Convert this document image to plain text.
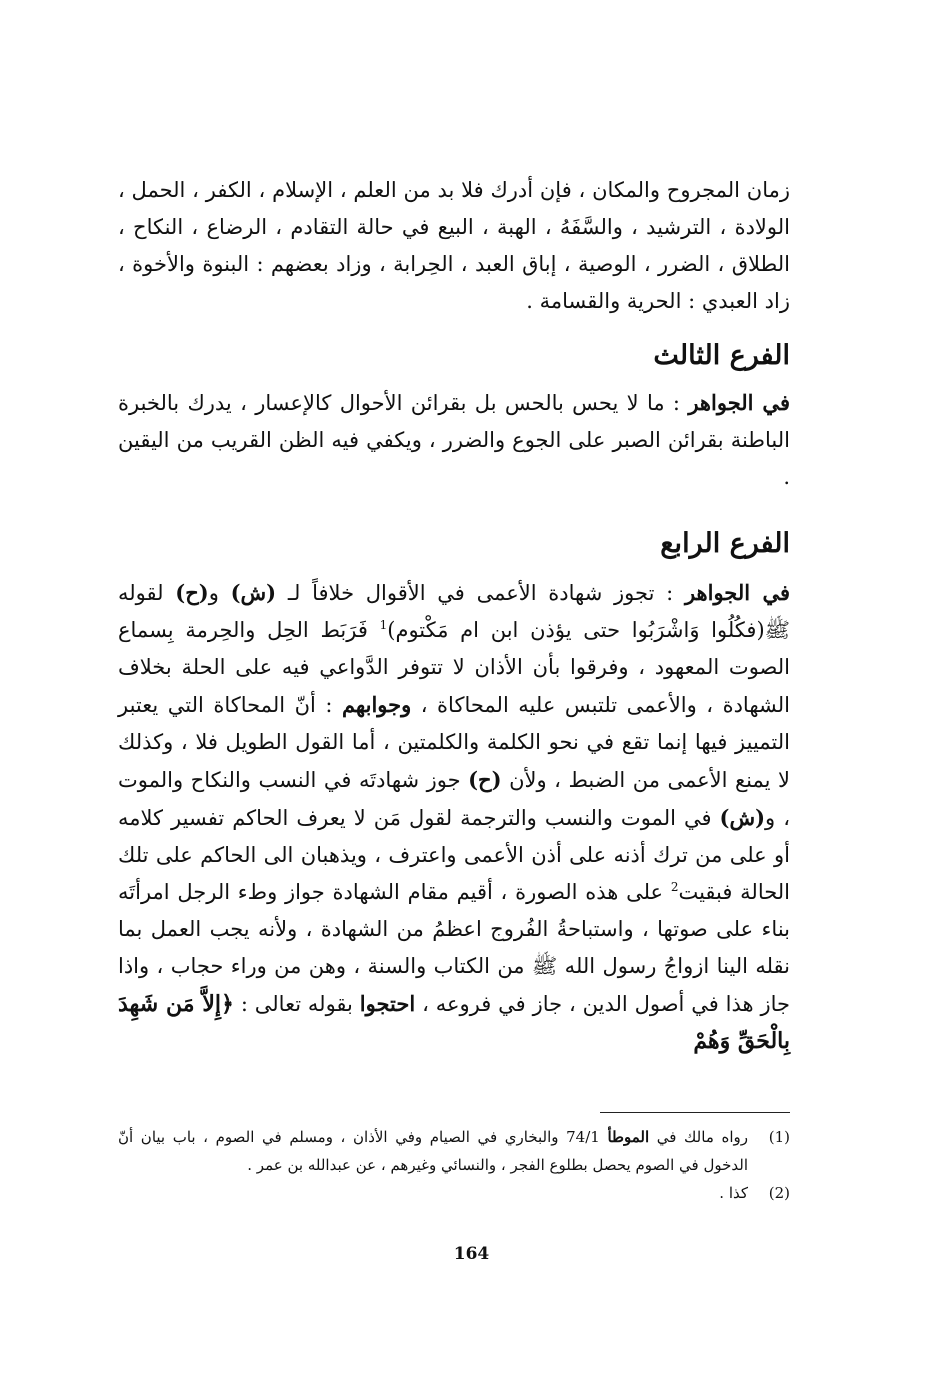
زمان المجروح والمكان ، فإن أدرك فلا بد من العلم ، الإسلام ، الكفر ، الحمل ، الولادة ، الترشيد ، والسَّفَهُ ، الهبة ، البيع في حالة التقادم ، الرضاع ، النكاح ، الطلاق ، الضرر ، الوصية ، إباق العبد ، الحِرابة ، وزاد بعضهم : البنوة والأخوة ، زاد العبدي : الحرية والقسامة .

الفرع الثالث

في الجواهر : ما لا يحس بالحس بل بقرائن الأحوال كالإعسار ، يدرك بالخبرة الباطنة بقرائن الصبر على الجوع والضرر ، ويكفي فيه الظن القريب من اليقين .

الفرع الرابع

في الجواهر : تجوز شهادة الأعمى في الأقوال خلافاً لـ (ش) و(ح) لقوله ﷺ(فكُلُوا وَاشْرَبُوا حتى يؤذن ابن ام مَكْتوم)$^1$ فَرَبَط الحِل والحِرمة بِسماع الصوت المعهود ، وفرقوا بأن الأذان لا تتوفر الدَّواعي فيه على الحلة بخلاف الشهادة ، والأعمى تلتبس عليه المحاكاة ، وجوابهم : أنّ المحاكاة التي يعتبر التمييز فيها إنما تقع في نحو الكلمة والكلمتين ، أما القول الطويل فلا ، وكذلك لا يمنع الأعمى من الضبط ، ولأن (ح) جوز شهادتَه في النسب والنكاح والموت ، و(ش) في الموت والنسب والترجمة لقول مَن لا يعرف الحاكم تفسير كلامه أو على من ترك أذنه على أذن الأعمى واعترف ، ويذهبان الى الحاكم على تلك الحالة فبقيت$^2$ على هذه الصورة ، أقيم مقام الشهادة جواز وطء الرجل امرأتَه بناء على صوتها ، واستباحةُ الفُروج اعظمُ من الشهادة ، ولأنه يجب العمل بما نقله الينا ازواجُ رسول الله ﷺ من الكتاب والسنة ، وهن من وراء حجاب ، واذا جاز هذا في أصول الدين ، جاز في فروعه ، احتجوا بقوله تعالى : ﴿إِلاَّ مَن شَهِدَ بِالْحَقِّ وَهُمْ

(1)
رواه مالك في الموطأ 74/1 والبخاري في الصيام وفي الأذان ، ومسلم في الصوم ، باب بيان أنّ الدخول في الصوم يحصل بطلوع الفجر ، والنسائي وغيرهم ، عن عبدالله بن عمر .
(2)
كذا .
164
